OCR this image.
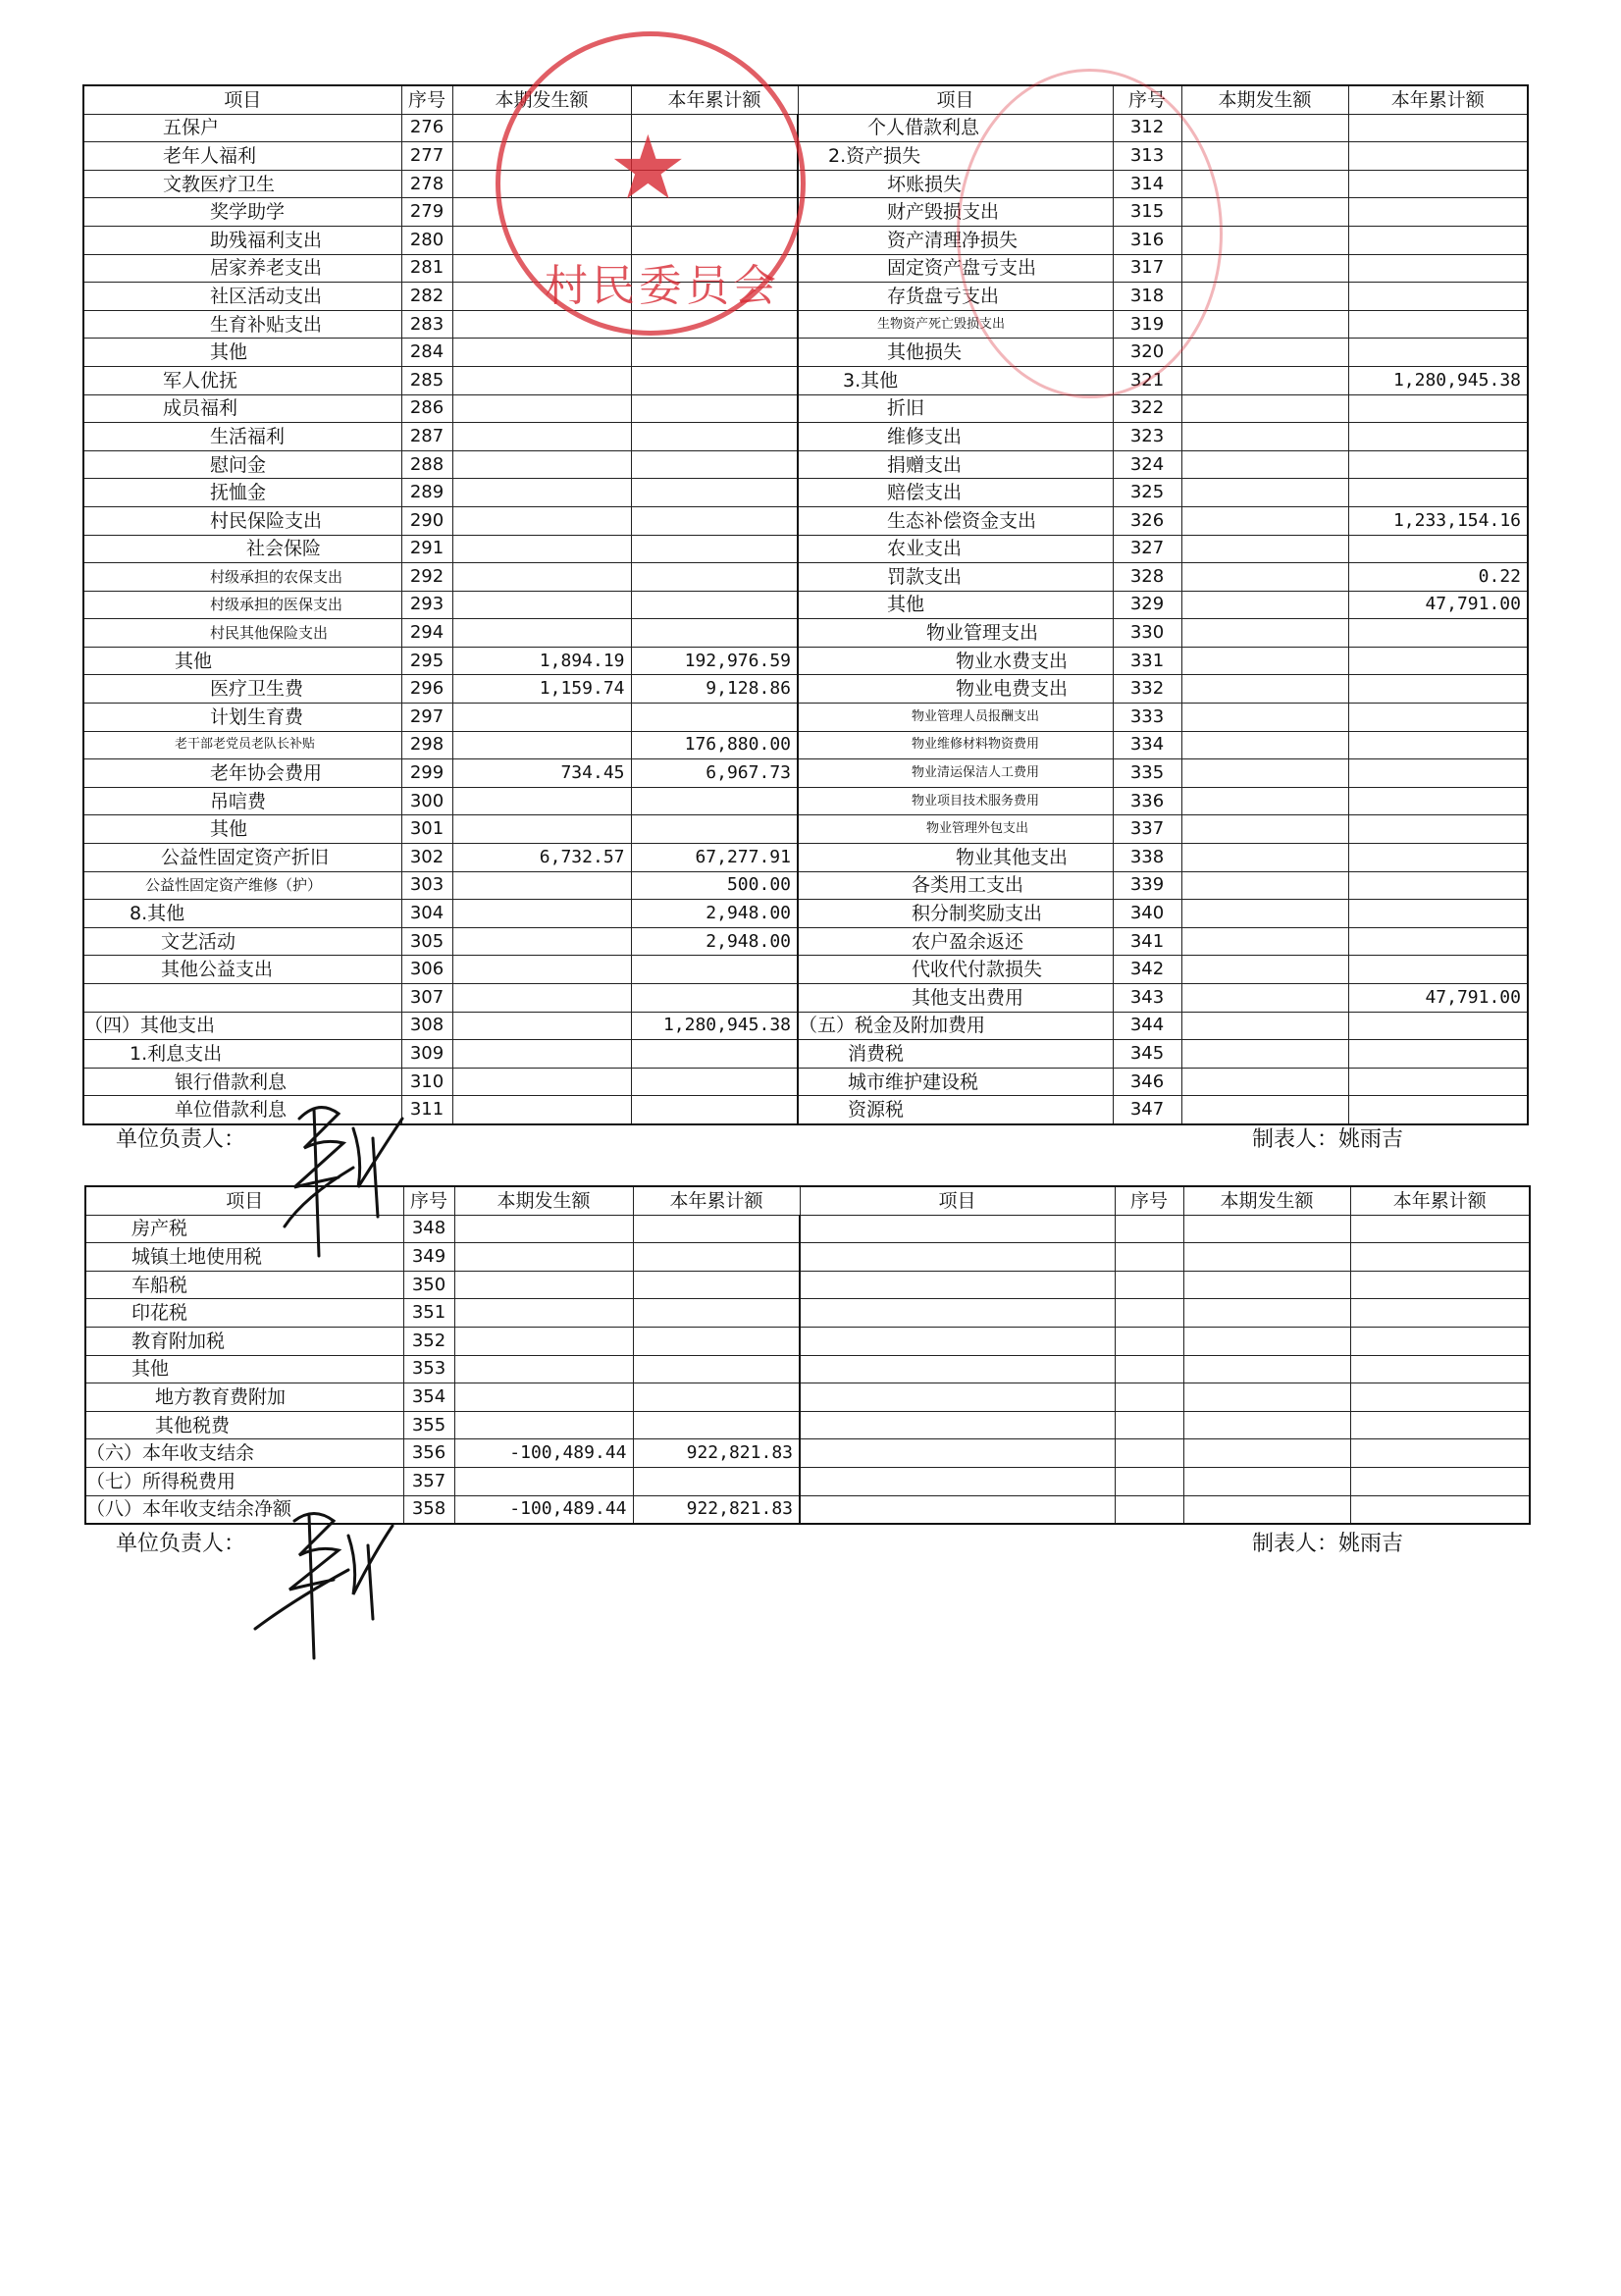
项目	序号	本期发生额	本年累计额	项目	序号	本期发生额	本年累计额
五保户	276			个人借款利息	312		
老年人福利	277			2.资产损失	313		
文教医疗卫生	278			坏账损失	314		
奖学助学	279			财产毁损支出	315		
助残福利支出	280			资产清理净损失	316		
居家养老支出	281			固定资产盘亏支出	317		
社区活动支出	282			存货盘亏支出	318		
生育补贴支出	283			生物资产死亡毁损支出	319		
其他	284			其他损失	320		
军人优抚	285			3.其他	321		1,280,945.38
成员福利	286			折旧	322		
生活福利	287			维修支出	323		
慰问金	288			捐赠支出	324		
抚恤金	289			赔偿支出	325		
村民保险支出	290			生态补偿资金支出	326		1,233,154.16
社会保险	291			农业支出	327		
村级承担的农保支出	292			罚款支出	328		0.22
村级承担的医保支出	293			其他	329		47,791.00
村民其他保险支出	294			物业管理支出	330		
其他	295	1,894.19	192,976.59	物业水费支出	331		
医疗卫生费	296	1,159.74	9,128.86	物业电费支出	332		
计划生育费	297			物业管理人员报酬支出	333		
老干部老党员老队长补贴	298		176,880.00	物业维修材料物资费用	334		
老年协会费用	299	734.45	6,967.73	物业清运保洁人工费用	335		
吊唁费	300			物业项目技术服务费用	336		
其他	301			物业管理外包支出	337		
公益性固定资产折旧	302	6,732.57	67,277.91	物业其他支出	338		
公益性固定资产维修（护）	303		500.00	各类用工支出	339		
8.其他	304		2,948.00	积分制奖励支出	340		
文艺活动	305		2,948.00	农户盈余返还	341		
其他公益支出	306			代收代付款损失	342		
	307			其他支出费用	343		47,791.00
（四）其他支出	308		1,280,945.38	（五）税金及附加费用	344		
1.利息支出	309			消费税	345		
银行借款利息	310			城市维护建设税	346		
单位借款利息	311			资源税	347		
单位负责人：	制表人：姚雨吉
项目	序号	本期发生额	本年累计额	项目	序号	本期发生额	本年累计额
房产税	348						
城镇土地使用税	349						
车船税	350						
印花税	351						
教育附加税	352						
其他	353						
地方教育费附加	354						
其他税费	355						
（六）本年收支结余	356	-100,489.44	922,821.83				
（七）所得税费用	357						
（八）本年收支结余净额	358	-100,489.44	922,821.83				
单位负责人：	制表人：姚雨吉
★
村民委员会
